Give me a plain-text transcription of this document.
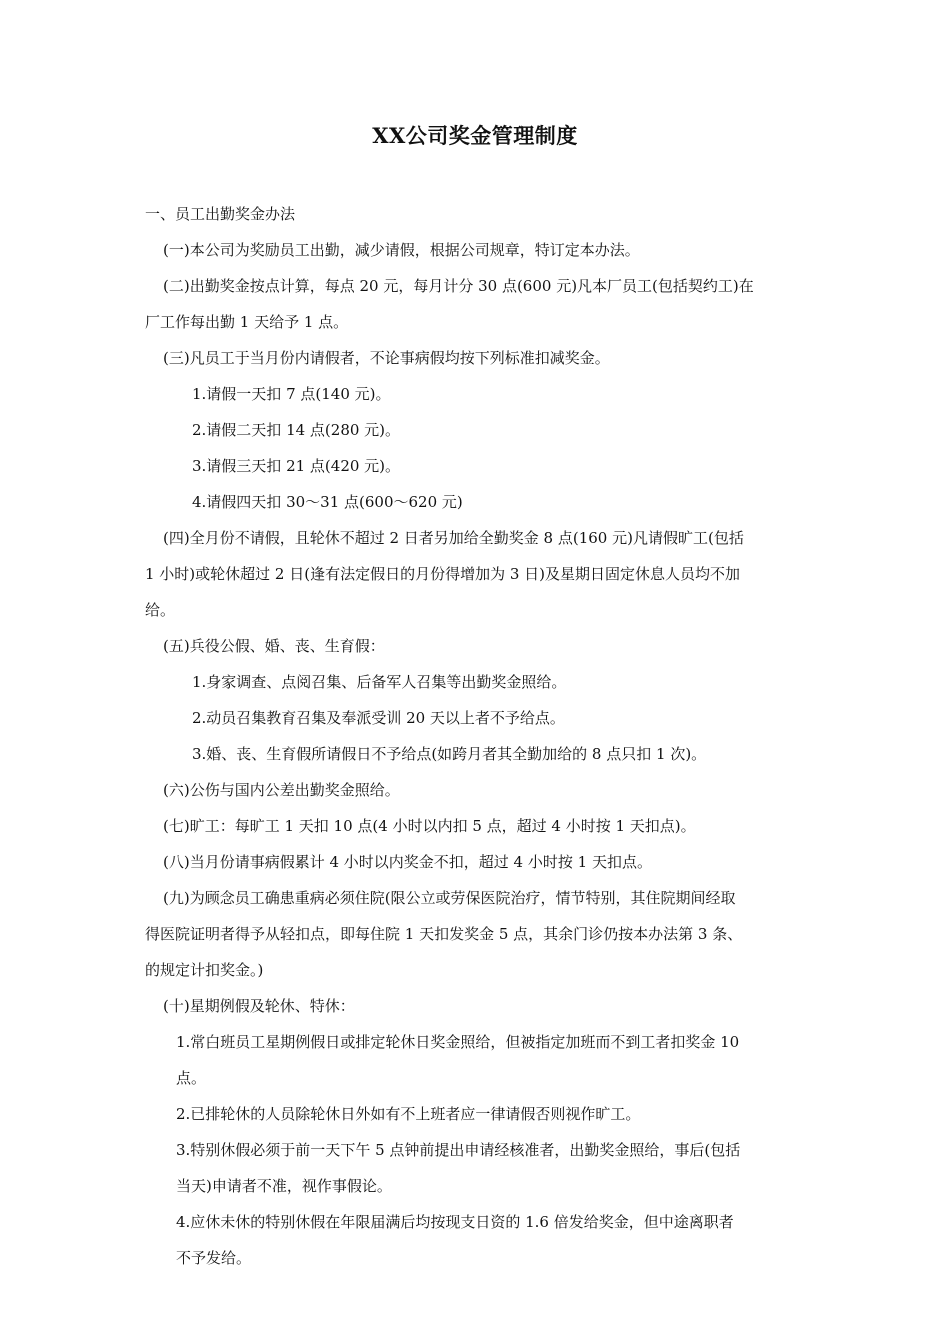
XX公司奖金管理制度
一、员工出勤奖金办法
(一)本公司为奖励员工出勤，减少请假，根据公司规章，特订定本办法。
(二)出勤奖金按点计算，每点 20 元，每月计分 30 点(600 元)凡本厂员工(包括契约工)在
厂工作每出勤 1 天给予 1 点。
(三)凡员工于当月份内请假者，不论事病假均按下列标准扣减奖金。
1.请假一天扣 7 点(140 元)。
2.请假二天扣 14 点(280 元)。
3.请假三天扣 21 点(420 元)。
4.请假四天扣 30～31 点(600～620 元)
(四)全月份不请假，且轮休不超过 2 日者另加给全勤奖金 8 点(160 元)凡请假旷工(包括
1 小时)或轮休超过 2 日(逢有法定假日的月份得增加为 3 日)及星期日固定休息人员均不加
给。
(五)兵役公假、婚、丧、生育假：
1.身家调查、点阅召集、后备军人召集等出勤奖金照给。
2.动员召集教育召集及奉派受训 20 天以上者不予给点。
3.婚、丧、生育假所请假日不予给点(如跨月者其全勤加给的 8 点只扣 1 次)。
(六)公伤与国内公差出勤奖金照给。
(七)旷工：每旷工 1 天扣 10 点(4 小时以内扣 5 点，超过 4 小时按 1 天扣点)。
(八)当月份请事病假累计 4 小时以内奖金不扣，超过 4 小时按 1 天扣点。
(九)为顾念员工确患重病必须住院(限公立或劳保医院治疗，情节特别，其住院期间经取
得医院证明者得予从轻扣点，即每住院 1 天扣发奖金 5 点，其余门诊仍按本办法第 3 条、
的规定计扣奖金。)
(十)星期例假及轮休、特休：
1.常白班员工星期例假日或排定轮休日奖金照给，但被指定加班而不到工者扣奖金 10
点。
2.已排轮休的人员除轮休日外如有不上班者应一律请假否则视作旷工。
3.特别休假必须于前一天下午 5 点钟前提出申请经核准者，出勤奖金照给，事后(包括
当天)申请者不准，视作事假论。
4.应休未休的特别休假在年限届满后均按现支日资的 1.6 倍发给奖金，但中途离职者
不予发给。
